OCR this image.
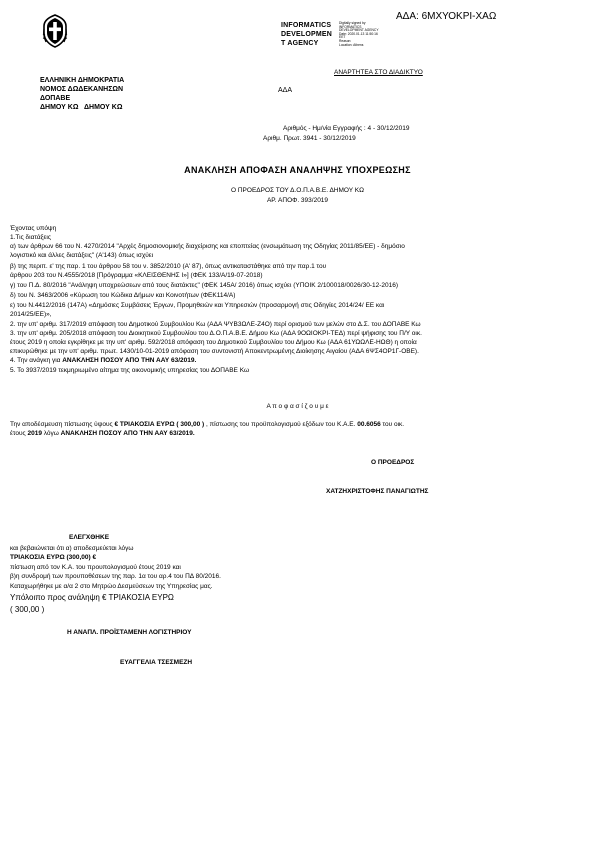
ΑΔΑ: 6ΜΧΥΟΚΡΙ-ΧΑΩ
INFORMATICS
DEVELOPMEN
T AGENCY
Digitally signed by
INFORMATICS
DEVELOPMENT AGENCY
Date: 2020.01.13 11:50:16
EET
Reason:
Location: Athens
ΑΝΑΡΤΗΤΕΑ ΣΤΟ ΔΙΑΔΙΚΤΥΟ
ΕΛΛΗΝΙΚΗ ΔΗΜΟΚΡΑΤΙΑ
ΝΟΜΟΣ ΔΩΔΕΚΑΝΗΣΩΝ
ΔΟΠΑΒΕ
ΔΗΜΟΥ ΚΩ ΔΗΜΟΥ ΚΩ
ΑΔΑ
Αριθμός - Ημ/νία Εγγραφής : 4 - 30/12/2019
Αριθμ. Πρωτ. 3941 - 30/12/2019
ΑΝΑΚΛΗΣΗ ΑΠΟΦΑΣΗ ΑΝΑΛΗΨΗΣ ΥΠΟΧΡΕΩΣΗΣ
Ο ΠΡΟΕΔΡΟΣ ΤΟΥ Δ.Ο.Π.Α.Β.Ε. ΔΗΜΟΥ ΚΩ
ΑΡ. ΑΠΟΦ. 393/2019
Έχοντας υπόψη
1.Τις διατάξεις
α) των άρθρων 66 του Ν. 4270/2014 "Αρχές δημοσιονομικής διαχείρισης και εποπτείας (ενσωμάτωση της Οδηγίας 2011/85/ΕΕ) - δημόσιο
λογιστικό και άλλες διατάξεις" (Α'143) όπως ισχύει
β) της περιπ. ε' της παρ. 1 του άρθρου 58 του ν. 3852/2010 (Α' 87), όπως αντικαταστάθηκε από την παρ.1 του
άρθρου 203 του Ν.4555/2018 [Πρόγραμμα «ΚΛΕΙΣΘΕΝΗΣ Ι»] (ΦΕΚ 133/Α/19-07-2018)
γ) του Π.Δ. 80/2016 "Ανάληψη υποχρεώσεων από τους διατάκτες" (ΦΕΚ 145Α/ 2016) όπως ισχύει (ΥΠΟΙΚ 2/100018/0026/30-12-2016)
δ) του Ν. 3463/2006 «Κύρωση του Κώδικα Δήμων και Κοινοτήτων (ΦΕΚ114/Α)
ε) του Ν.4412/2016 (147Α) «Δημόσιες Συμβάσεις Έργων, Προμηθειών και Υπηρεσιών (προσαρμογή στις Οδηγίες 2014/24/ ΕΕ και
2014/25/ΕΕ)»,
2. την υπ' αριθμ. 317/2019 απόφαση του Δημοτικού Συμβουλίου Κω (ΑΔΑ ΨΥΒ3ΩΛΕ-Ζ4Ο) περί ορισμού των μελών στο Δ.Σ. του ΔΟΠΑΒΕ Κω
3. την υπ' αριθμ. 205/2018 απόφαση του Διοικητικού Συμβουλίου του Δ.Ο.Π.Α.Β.Ε. Δήμου Κω (ΑΔΑ 9ΟΩΙΟΚΡΙ-ΤΕΔ) περί ψήφισης του Π/Υ οικ.
έτους 2019 η οποία εγκρίθηκε με την υπ' αριθμ. 592/2018 απόφαση του Δημοτικού Συμβουλίου του Δήμου Κω (ΑΔΑ 61ΥΩΩΛΕ-ΗΩΘ) η οποία
επικυρώθηκε με την υπ' αριθμ. πρωτ. 1430/10-01-2019 απόφαση του συντονιστή Αποκεντρωμένης Διοίκησης Αιγαίου (ΑΔΑ 6ΨΣ4ΟΡ1Γ-ΟΒΕ).
4. Την ανάγκη για ΑΝΑΚΛΗΣΗ ΠΟΣΟΥ ΑΠΟ ΤΗΝ ΑΑΥ 63/2019.
5. Το 3937/2019 τεκμηριωμένο αίτημα της οικονομικής υπηρεσίας του ΔΟΠΑΒΕ Κω
Α π ο φ α σ ί ζ ο υ μ ε
Την αποδέσμευση πίστωσης ύψους € ΤΡΙΑΚΟΣΙΑ ΕΥΡΩ ( 300,00 ) , πίστωσης του προϋπολογισμού εξόδων του Κ.Α.Ε. 00.6056 του οικ.
έτους 2019 λόγω ΑΝΑΚΛΗΣΗ ΠΟΣΟΥ ΑΠΟ ΤΗΝ ΑΑΥ 63/2019.
Ο ΠΡΟΕΔΡΟΣ
ΧΑΤΖΗΧΡΙΣΤΟΦΗΣ ΠΑΝΑΓΙΩΤΗΣ
ΕΛΕΓΧΘΗΚΕ
και βεβαιώνεται ότι α) αποδεσμεύεται λόγω
ΤΡΙΑΚΟΣΙΑ ΕΥΡΩ (300,00) €
πίστωση από τον Κ.Α. του προυπολογισμού έτους 2019 και
β)η συνδρομή των προυποθέσεων της παρ. 1α του αρ.4 του ΠΔ 80/2016.
Καταχωρήθηκε με α/α 2 στο Μητρώο Δεσμεύσεων της Υπηρεσίας μας.
Υπόλοιπο προς ανάληψη € ΤΡΙΑΚΟΣΙΑ ΕΥΡΩ
( 300,00 )
Η ΑΝΑΠΛ. ΠΡΟΪΣΤΑΜΕΝΗ ΛΟΓΙΣΤΗΡΙΟΥ
ΕΥΑΓΓΕΛΙΑ ΤΣΕΣΜΕΖΗ
